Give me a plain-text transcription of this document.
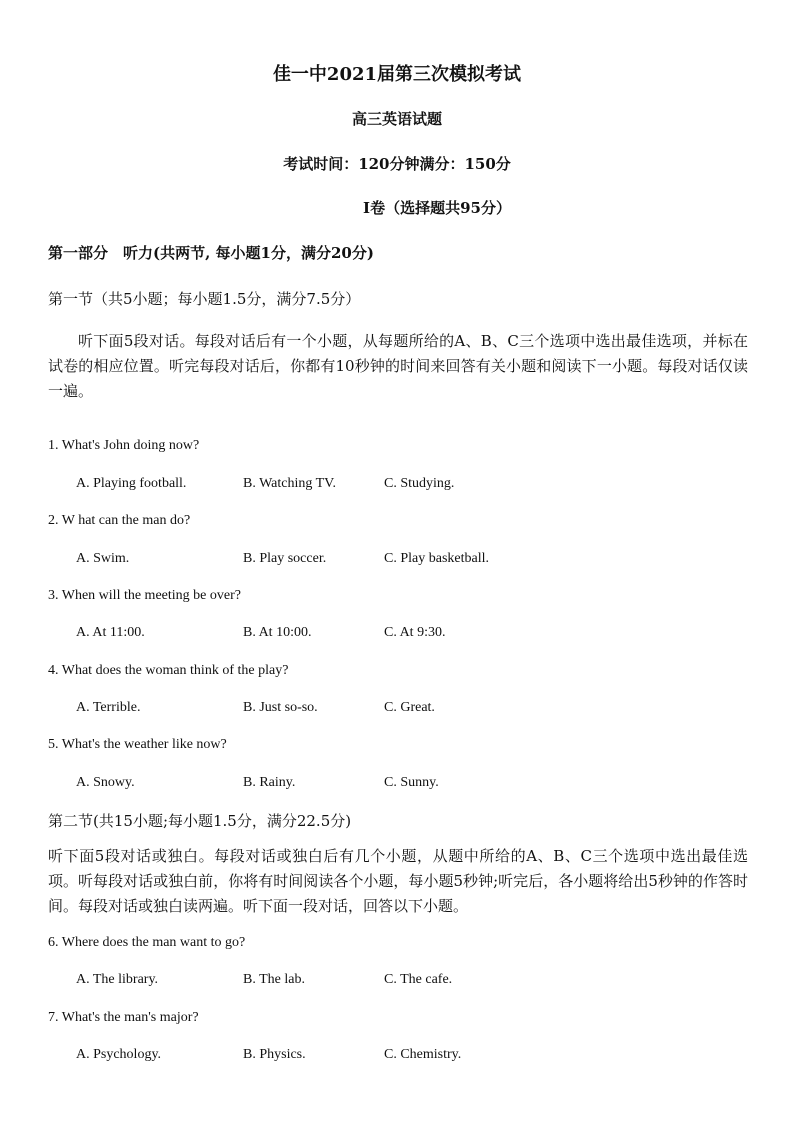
佳一中2021届第三次模拟考试
高三英语试题
考试时间：120分钟满分：150分
I卷（选择题共95分）
第一部分　听力(共两节, 每小题1分，满分20分)
第一节（共5小题；每小题1.5分，满分7.5分）

听下面5段对话。每段对话后有一个小题，从每题所给的A、B、C三个选项中选出最佳选项，并标在试卷的相应位置。听完每段对话后，你都有10秒钟的时间来回答有关小题和阅读下一小题。每段对话仅读一遍。

1. What's John doing now?
A. Playing football.	B. Watching TV.	C. Studying.
2. W hat can the man do?
A. Swim.	B. Play soccer.	C. Play basketball.
3. When will the meeting be over?
A. At 11:00.	B. At 10:00.	C. At 9:30.
4. What does the woman think of the play?
A. Terrible.	B. Just so-so.	C. Great.
5. What's the weather like now?
A. Snowy.	B. Rainy.	C. Sunny.
第二节(共15小题;每小题1.5分，满分22.5分)

听下面5段对话或独白。每段对话或独白后有几个小题，从题中所给的A、B、C三个选项中选出最佳选项。听每段对话或独白前，你将有时间阅读各个小题，每小题5秒钟;听完后，各小题将给出5秒钟的作答时间。每段对话或独白读两遍。听下面一段对话，回答以下小题。

6. Where does the man want to go?
A. The library.	B. The lab.	C. The cafe.
7. What's the man's major?
A. Psychology.	B. Physics.	C. Chemistry.
